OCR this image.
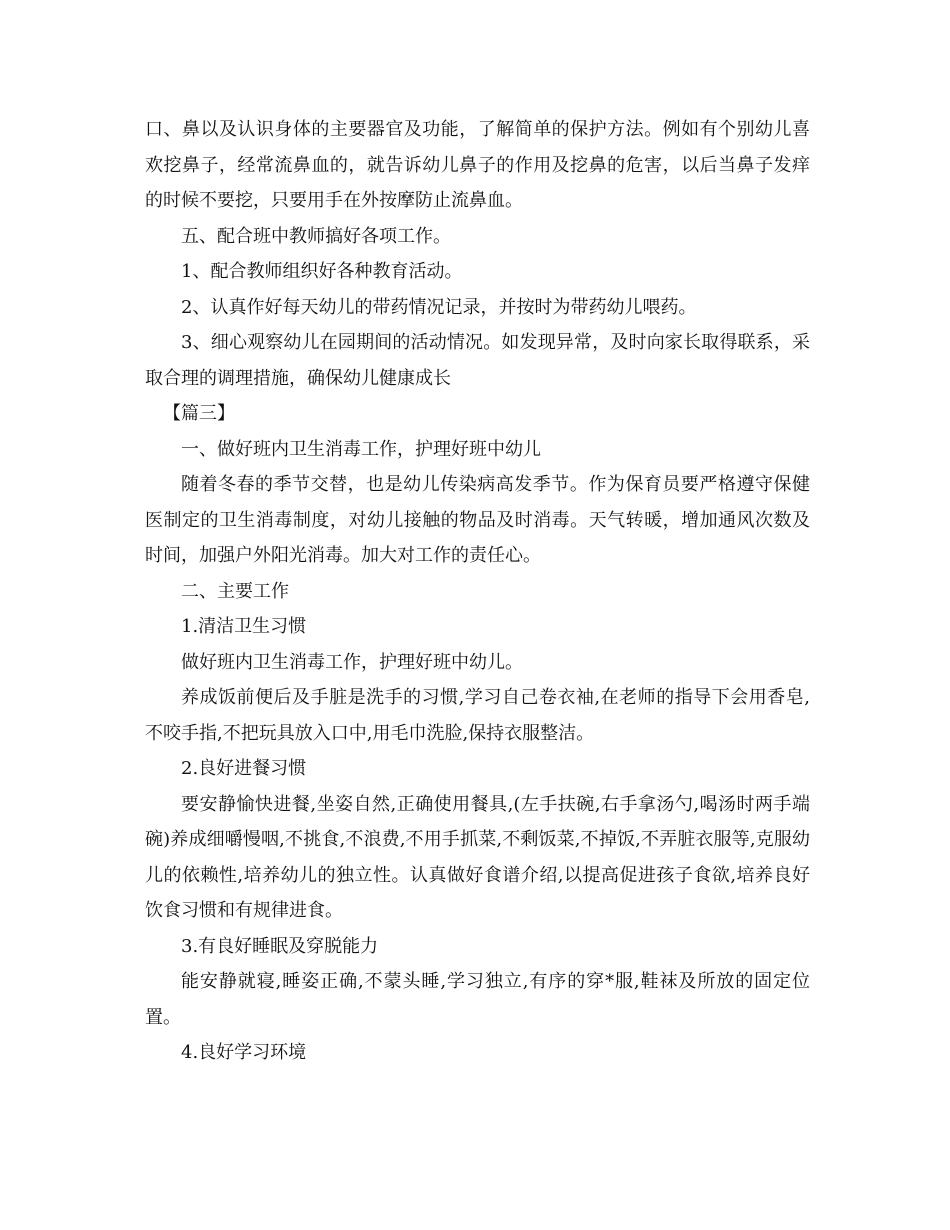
口、鼻以及认识身体的主要器官及功能，了解简单的保护方法。例如有个别幼儿喜欢挖鼻子，经常流鼻血的，就告诉幼儿鼻子的作用及挖鼻的危害，以后当鼻子发痒的时候不要挖，只要用手在外按摩防止流鼻血。

五、配合班中教师搞好各项工作。

1、配合教师组织好各种教育活动。

2、认真作好每天幼儿的带药情况记录，并按时为带药幼儿喂药。

3、细心观察幼儿在园期间的活动情况。如发现异常，及时向家长取得联系，采取合理的调理措施，确保幼儿健康成长

【篇三】

一、做好班内卫生消毒工作，护理好班中幼儿

随着冬春的季节交替，也是幼儿传染病高发季节。作为保育员要严格遵守保健医制定的卫生消毒制度，对幼儿接触的物品及时消毒。天气转暖，增加通风次数及时间，加强户外阳光消毒。加大对工作的责任心。

二、主要工作

1.清洁卫生习惯

做好班内卫生消毒工作，护理好班中幼儿。

养成饭前便后及手脏是洗手的习惯,学习自己卷衣袖,在老师的指导下会用香皂,不咬手指,不把玩具放入口中,用毛巾洗脸,保持衣服整洁。

2.良好进餐习惯

要安静愉快进餐,坐姿自然,正确使用餐具,(左手扶碗,右手拿汤勺,喝汤时两手端碗)养成细嚼慢咽,不挑食,不浪费,不用手抓菜,不剩饭菜,不掉饭,不弄脏衣服等,克服幼儿的依赖性,培养幼儿的独立性。认真做好食谱介绍,以提高促进孩子食欲,培养良好饮食习惯和有规律进食。

3.有良好睡眠及穿脱能力

能安静就寝,睡姿正确,不蒙头睡,学习独立,有序的穿*服,鞋袜及所放的固定位置。

4.良好学习环境
